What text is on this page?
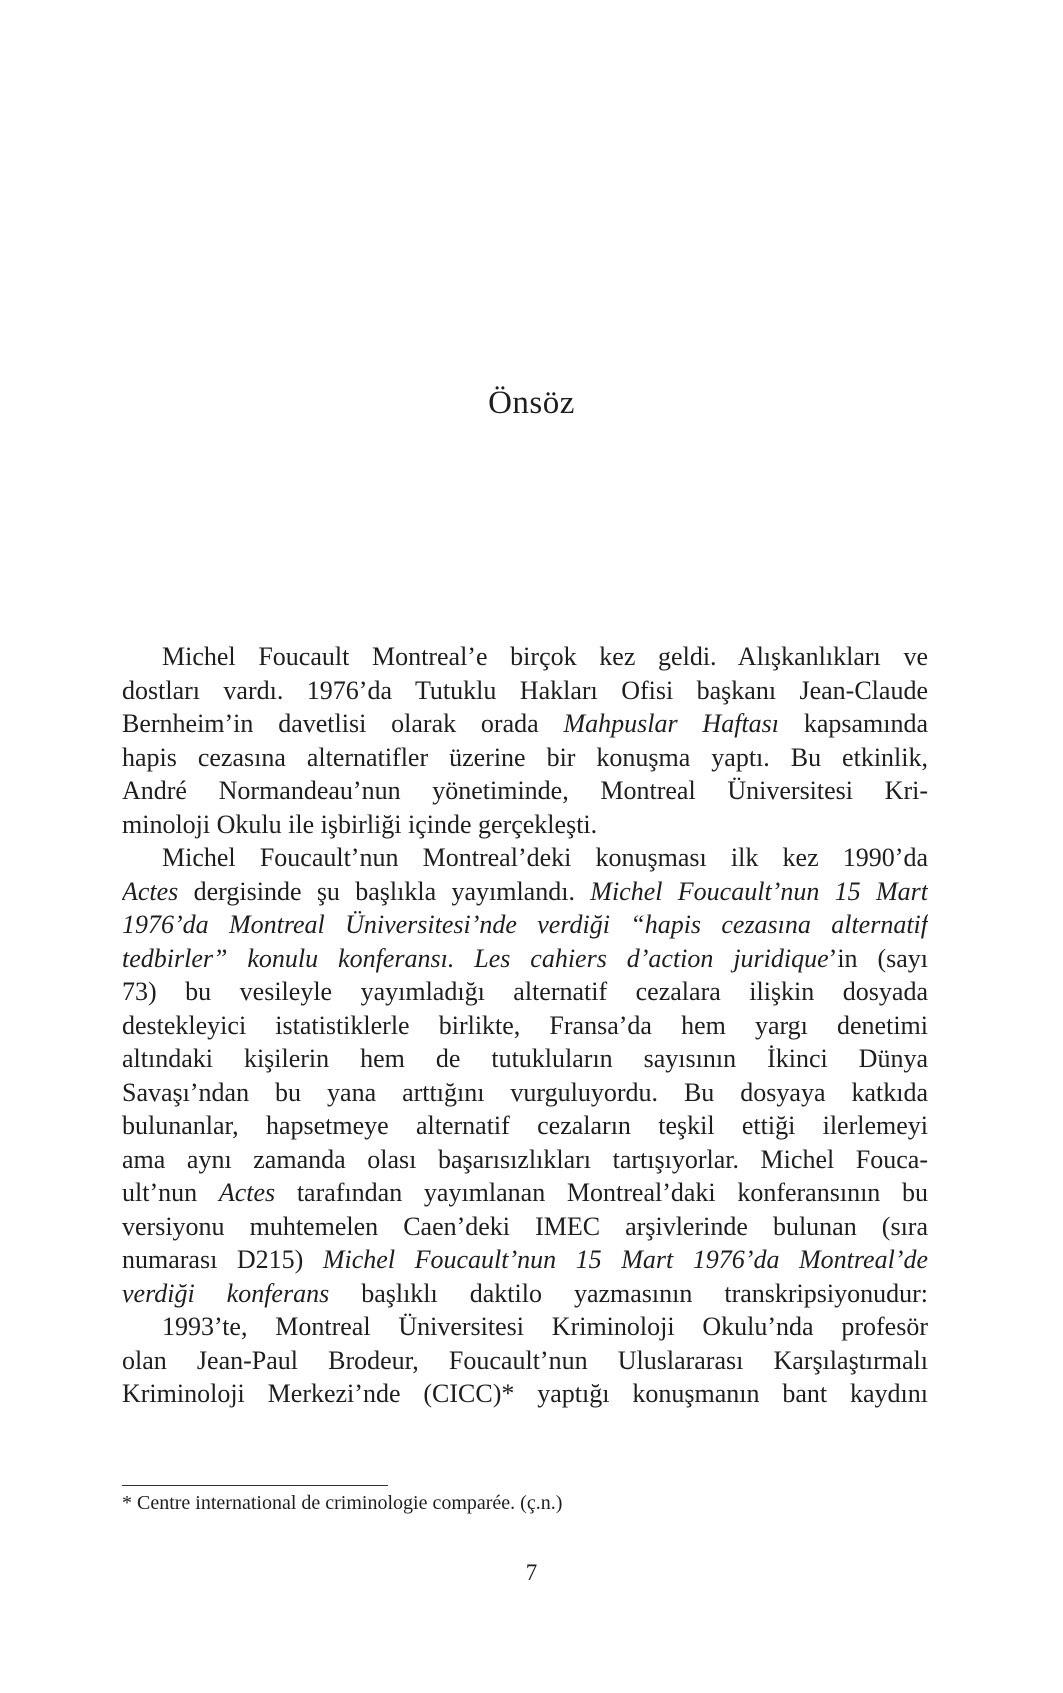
Önsöz
Michel Foucault Montreal’e birçok kez geldi. Alışkanlıkları ve
dostları vardı. 1976’da Tutuklu Hakları Ofisi başkanı Jean-Claude
Bernheim’in davetlisi olarak orada Mahpuslar Haftası kapsamında
hapis cezasına alternatifler üzerine bir konuşma yaptı. Bu etkinlik,
André Normandeau’nun yönetiminde, Montreal Üniversitesi Kri-
minoloji Okulu ile işbirliği içinde gerçekleşti.
Michel Foucault’nun Montreal’deki konuşması ilk kez 1990’da
Actes dergisinde şu başlıkla yayımlandı. Michel Foucault’nun 15 Mart
1976’da Montreal Üniversitesi’nde verdiği “hapis cezasına alternatif
tedbirler” konulu konferansı. Les cahiers d’action juridique’in (sayı
73) bu vesileyle yayımladığı alternatif cezalara ilişkin dosyada
destekleyici istatistiklerle birlikte, Fransa’da hem yargı denetimi
altındaki kişilerin hem de tutukluların sayısının İkinci Dünya
Savaşı’ndan bu yana arttığını vurguluyordu. Bu dosyaya katkıda
bulunanlar, hapsetmeye alternatif cezaların teşkil ettiği ilerlemeyi
ama aynı zamanda olası başarısızlıkları tartışıyorlar. Michel Fouca-
ult’nun Actes tarafından yayımlanan Montreal’daki konferansının bu
versiyonu muhtemelen Caen’deki IMEC arşivlerinde bulunan (sıra
numarası D215) Michel Foucault’nun 15 Mart 1976’da Montreal’de
verdiği konferans başlıklı daktilo yazmasının transkripsiyonudur:
1993’te, Montreal Üniversitesi Kriminoloji Okulu’nda profesör
olan Jean-Paul Brodeur, Foucault’nun Uluslararası Karşılaştırmalı
Kriminoloji Merkezi’nde (CICC)* yaptığı konuşmanın bant kaydını
* Centre international de criminologie comparée. (ç.n.)
7
